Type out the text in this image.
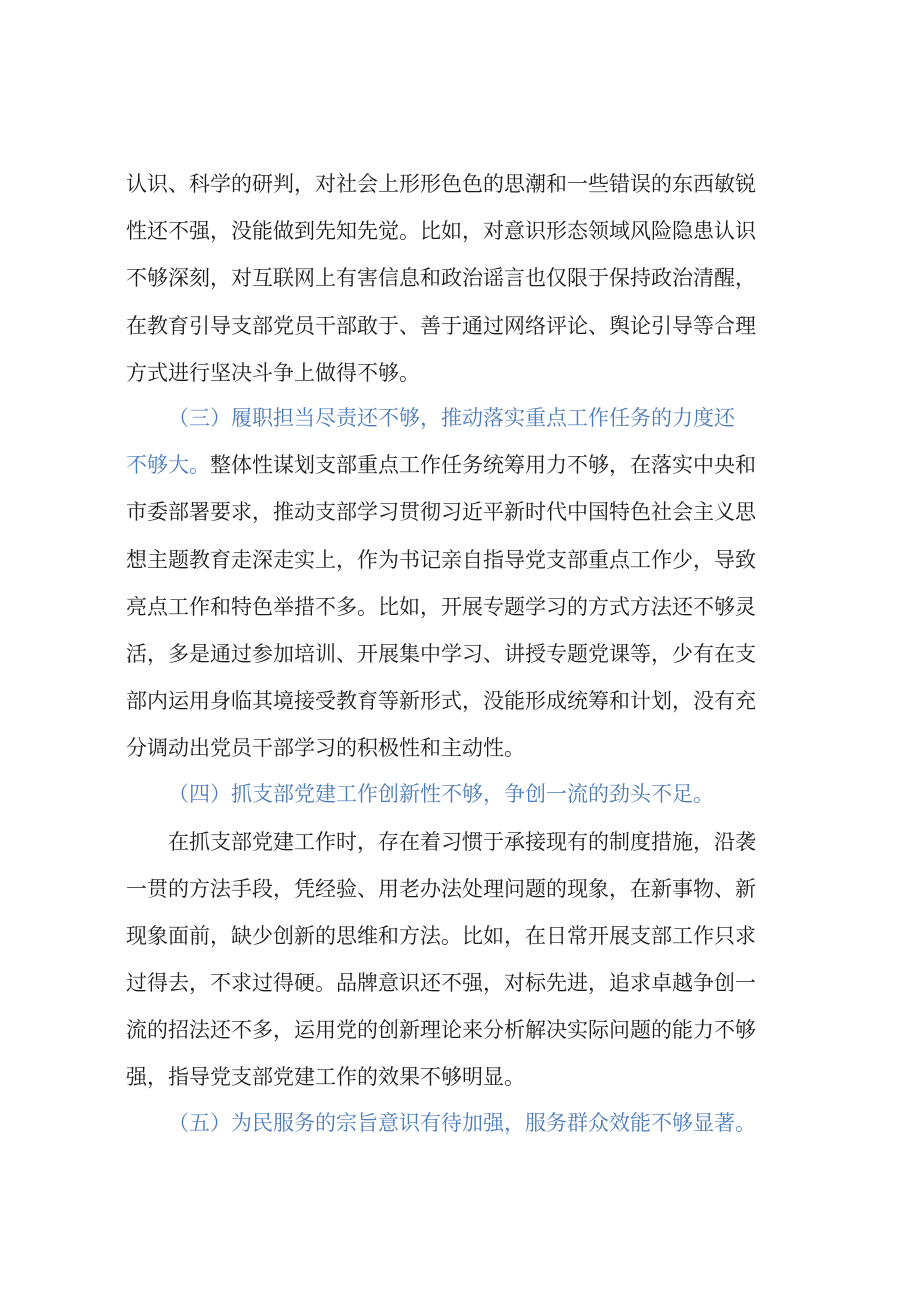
认识、科学的研判，对社会上形形色色的思潮和一些错误的东西敏锐
性还不强，没能做到先知先觉。比如，对意识形态领域风险隐患认识
不够深刻，对互联网上有害信息和政治谣言也仅限于保持政治清醒，
在教育引导支部党员干部敢于、善于通过网络评论、舆论引导等合理
方式进行坚决斗争上做得不够。
（三）履职担当尽责还不够，推动落实重点工作任务的力度还
不够大。整体性谋划支部重点工作任务统筹用力不够，在落实中央和
市委部署要求，推动支部学习贯彻习近平新时代中国特色社会主义思
想主题教育走深走实上，作为书记亲自指导党支部重点工作少，导致
亮点工作和特色举措不多。比如，开展专题学习的方式方法还不够灵
活，多是通过参加培训、开展集中学习、讲授专题党课等，少有在支
部内运用身临其境接受教育等新形式，没能形成统筹和计划，没有充
分调动出党员干部学习的积极性和主动性。
（四）抓支部党建工作创新性不够，争创一流的劲头不足。
在抓支部党建工作时，存在着习惯于承接现有的制度措施，沿袭
一贯的方法手段，凭经验、用老办法处理问题的现象，在新事物、新
现象面前，缺少创新的思维和方法。比如，在日常开展支部工作只求
过得去，不求过得硬。品牌意识还不强，对标先进，追求卓越争创一
流的招法还不多，运用党的创新理论来分析解决实际问题的能力不够
强，指导党支部党建工作的效果不够明显。
（五）为民服务的宗旨意识有待加强，服务群众效能不够显著。
